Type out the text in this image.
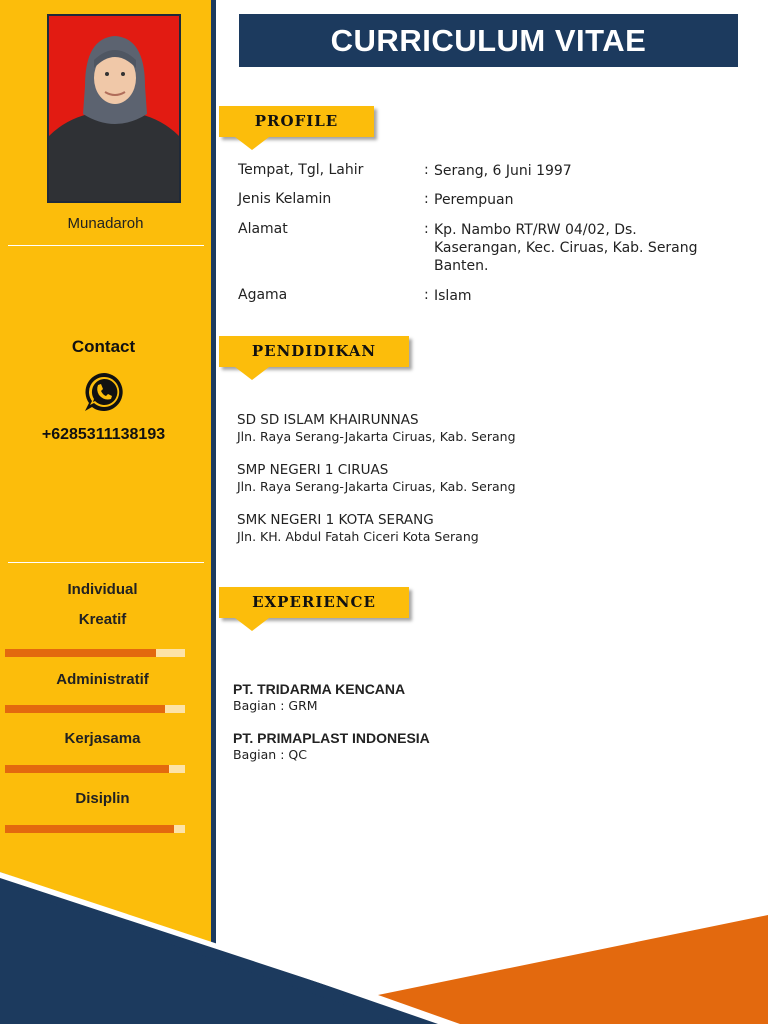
Munadaroh
Contact
+6285311138193
Individual
Kreatif
Administratif
Kerjasama
Disiplin
CURRICULUM VITAE
PROFILE
Tempat, Tgl, Lahir	: Serang, 6 Juni 1997
Jenis Kelamin	: Perempuan
Alamat	: Kp. Nambo RT/RW 04/02, Ds. Kaserangan, Kec. Ciruas, Kab. Serang Banten.
Agama	: Islam
PENDIDIKAN
SD SD ISLAM KHAIRUNNAS
Jln. Raya Serang-Jakarta Ciruas, Kab. Serang
SMP NEGERI 1 CIRUAS
Jln. Raya Serang-Jakarta Ciruas, Kab. Serang
SMK NEGERI 1 KOTA SERANG
Jln. KH. Abdul Fatah Ciceri Kota Serang
EXPERIENCE
PT. TRIDARMA KENCANA
Bagian : GRM
PT. PRIMAPLAST INDONESIA
Bagian : QC
